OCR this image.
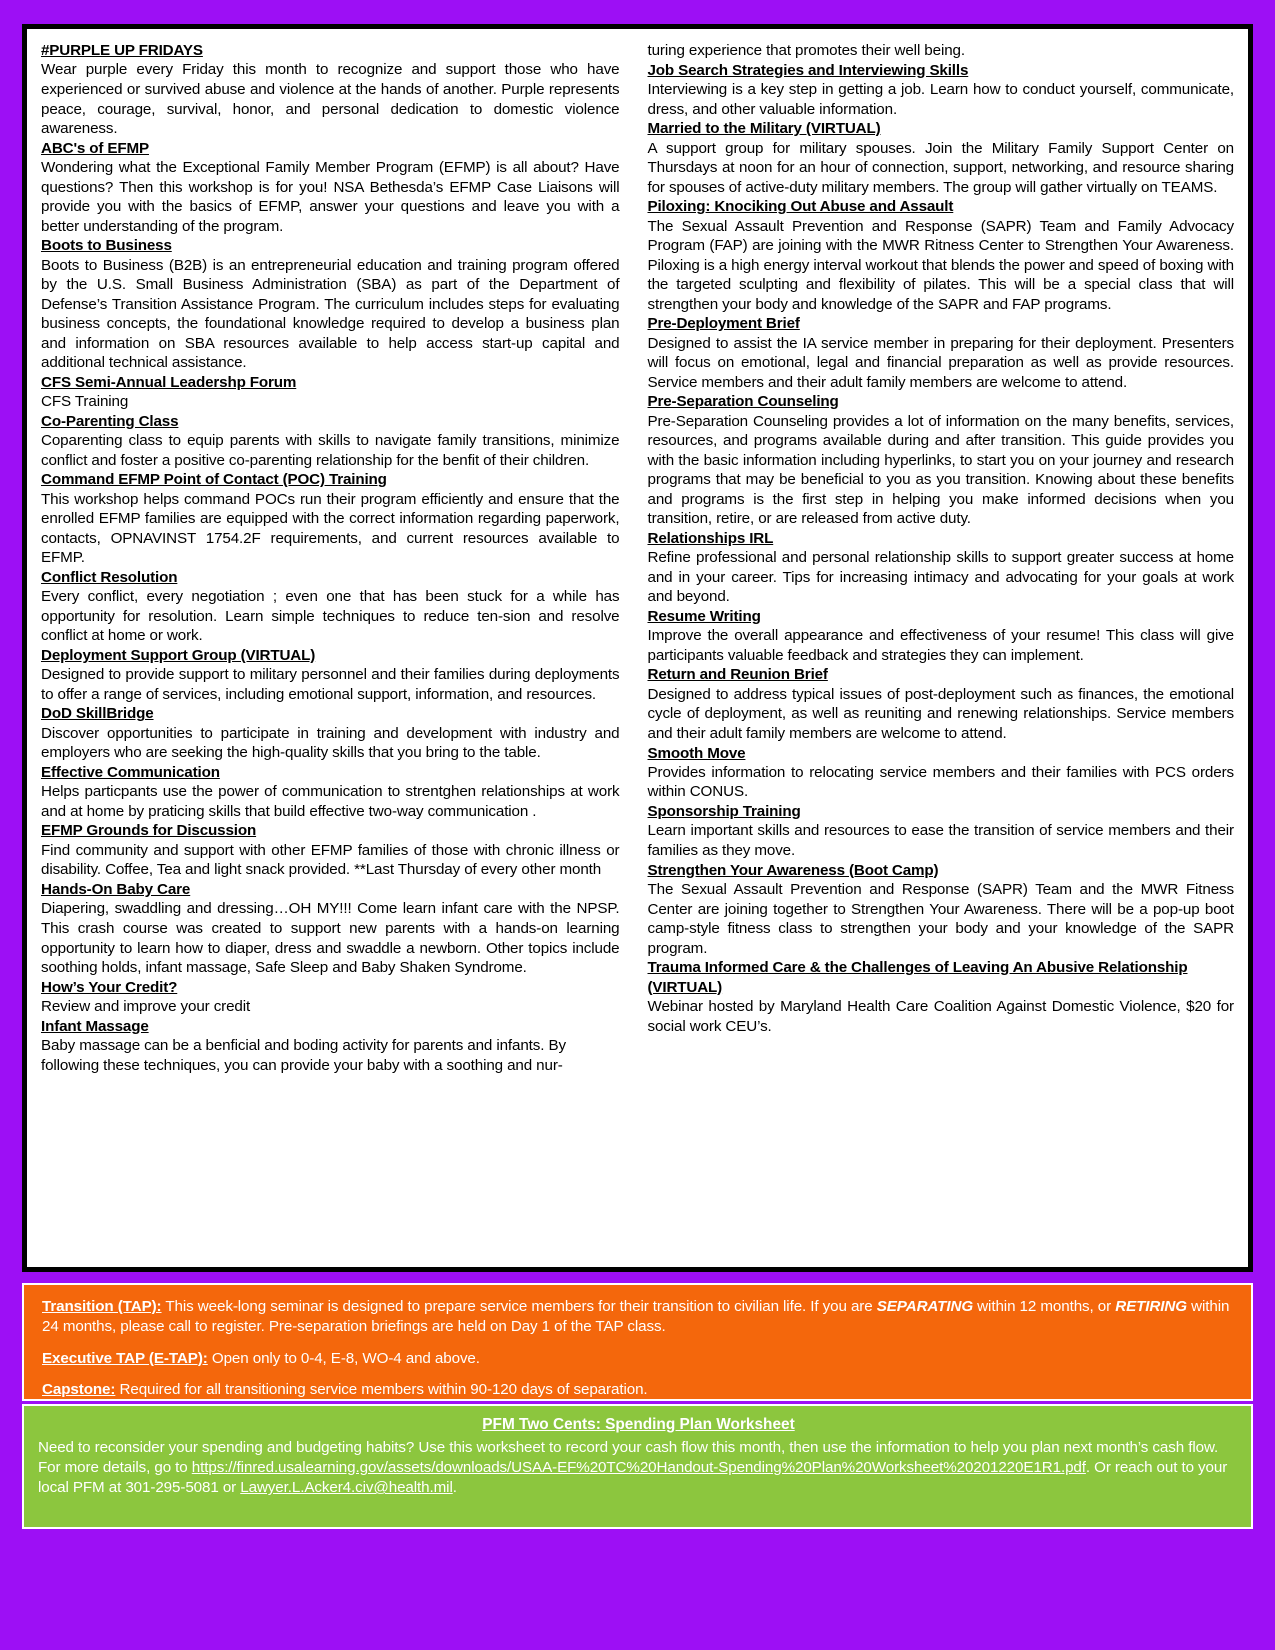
#PURPLE UP FRIDAYS
Wear purple every Friday this month to recognize and support those who have experienced or survived abuse and violence at the hands of another. Purple represents peace, courage, survival, honor, and personal dedication to domestic violence awareness.
ABC's of EFMP
Wondering what the Exceptional Family Member Program (EFMP) is all about? Have questions? Then this workshop is for you! NSA Bethesda’s EFMP Case Liaisons will provide you with the basics of EFMP, answer your questions and leave you with a better understanding of the program.
Boots to Business
Boots to Business (B2B) is an entrepreneurial education and training program offered by the U.S. Small Business Administration (SBA) as part of the Department of Defense’s Transition Assistance Program. The curriculum includes steps for evaluating business concepts, the foundational knowledge required to develop a business plan and information on SBA resources available to help access start-up capital and additional technical assistance.
CFS Semi-Annual Leadershp Forum
CFS Training
Co-Parenting Class
Coparenting class to equip parents with skills to navigate family transitions, minimize conflict and foster a positive co-parenting relationship for the benfit of their children.
Command EFMP Point of Contact (POC) Training
This workshop helps command POCs run their program efficiently and ensure that the enrolled EFMP families are equipped with the correct information regarding paperwork, contacts, OPNAVINST 1754.2F requirements, and current resources available to EFMP.
Conflict Resolution
Every conflict, every negotiation ; even one that has been stuck for a while has opportunity for resolution. Learn simple techniques to reduce ten-sion and resolve conflict at home or work.
Deployment Support Group (VIRTUAL)
Designed to provide support to military personnel and their families during deployments to offer a range of services, including emotional support, information, and resources.
DoD SkillBridge
Discover opportunities to participate in training and development with industry and employers who are seeking the high-quality skills that you bring to the table.
Effective Communication
Helps particpants use the power of communication to strentghen relationships at work and at home by praticing skills that build effective two-way communication .
EFMP Grounds for Discussion
Find community and support with other EFMP families of those with chronic illness or disability. Coffee, Tea and light snack provided. **Last Thursday of every other month
Hands-On Baby Care
Diapering, swaddling and dressing…OH MY!!! Come learn infant care with the NPSP. This crash course was created to support new parents with a hands-on learning opportunity to learn how to diaper, dress and swaddle a newborn. Other topics include soothing holds, infant massage, Safe Sleep and Baby Shaken Syndrome.
How’s Your Credit?
Review and improve your credit
Infant Massage
Baby massage can be a benficial and boding activity for parents and infants. By following these techniques, you can provide your baby with a soothing and nur-
turing experience that promotes their well being.
Job Search Strategies and Interviewing Skills
Interviewing is a key step in getting a job. Learn how to conduct yourself, communicate, dress, and other valuable information.
Married to the Military (VIRTUAL)
A support group for military spouses. Join the Military Family Support Center on Thursdays at noon for an hour of connection, support, networking, and resource sharing for spouses of active-duty military members. The group will gather virtually on TEAMS.
Piloxing: Knociking Out Abuse and Assault
The Sexual Assault Prevention and Response (SAPR) Team and Family Advocacy Program (FAP) are joining with the MWR Ritness Center to Strengthen Your Awareness. Piloxing is a high energy interval workout that blends the power and speed of boxing with the targeted sculpting and flexibility of pilates. This will be a special class that will strengthen your body and knowledge of the SAPR and FAP programs.
Pre-Deployment Brief
Designed to assist the IA service member in preparing for their deployment. Presenters will focus on emotional, legal and financial preparation as well as provide resources. Service members and their adult family members are welcome to attend.
Pre-Separation Counseling
Pre-Separation Counseling provides a lot of information on the many benefits, services, resources, and programs available during and after transition. This guide provides you with the basic information including hyperlinks, to start you on your journey and research programs that may be beneficial to you as you transition. Knowing about these benefits and programs is the first step in helping you make informed decisions when you transition, retire, or are released from active duty.
Relationships IRL
Refine professional and personal relationship skills to support greater success at home and in your career. Tips for increasing intimacy and advocating for your goals at work and beyond.
Resume Writing
Improve the overall appearance and effectiveness of your resume! This class will give participants valuable feedback and strategies they can implement.
Return and Reunion Brief
Designed to address typical issues of post-deployment such as finances, the emotional cycle of deployment, as well as reuniting and renewing relationships. Service members and their adult family members are welcome to attend.
Smooth Move
Provides information to relocating service members and their families with PCS orders within CONUS.
Sponsorship Training
Learn important skills and resources to ease the transition of service members and their families as they move.
Strengthen Your Awareness (Boot Camp)
The Sexual Assault Prevention and Response (SAPR) Team and the MWR Fitness Center are joining together to Strengthen Your Awareness. There will be a pop-up boot camp-style fitness class to strengthen your body and your knowledge of the SAPR program.
Trauma Informed Care & the Challenges of Leaving An Abusive Relationship (VIRTUAL)
Webinar hosted by Maryland Health Care Coalition Against Domestic Violence, $20 for social work CEU’s.

Transition (TAP): This week-long seminar is designed to prepare service members for their transition to civilian life. If you are SEPARATING within 12 months, or RETIRING within 24 months, please call to register. Pre-separation briefings are held on Day 1 of the TAP class.

Executive TAP (E-TAP): Open only to 0-4, E-8, WO-4 and above.

Capstone: Required for all transitioning service members within 90-120 days of separation.

PFM Two Cents: Spending Plan Worksheet

Need to reconsider your spending and budgeting habits? Use this worksheet to record your cash flow this month, then use the information to help you plan next month’s cash flow.

For more details, go to https://finred.usalearning.gov/assets/downloads/USAA-EF%20TC%20Handout-Spending%20Plan%20Worksheet%20201220E1R1.pdf. Or reach out to your local PFM at 301-295-5081 or Lawyer.L.Acker4.civ@health.mil.
